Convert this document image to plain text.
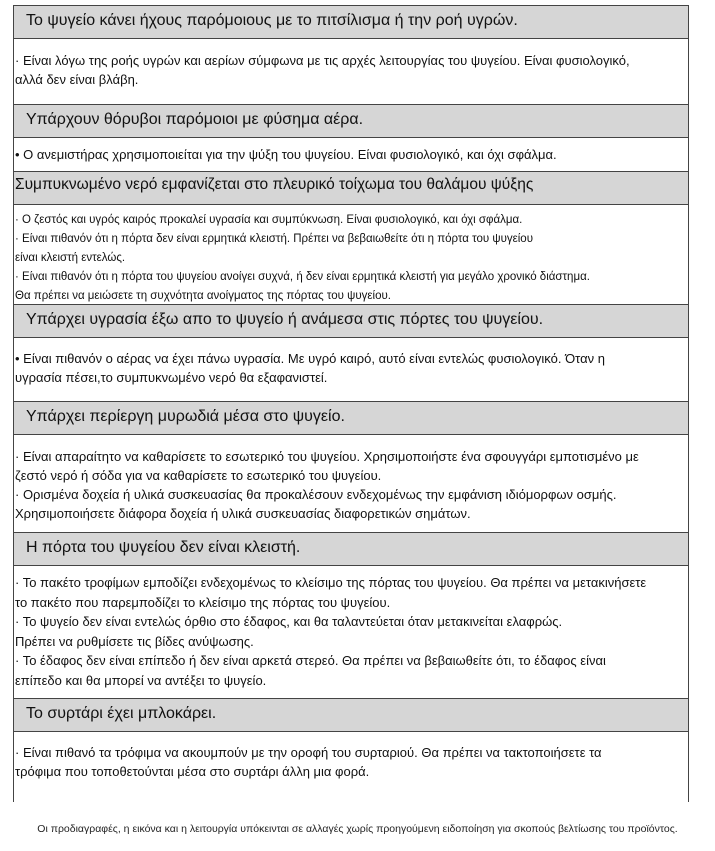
Το ψυγείο κάνει ήχους παρόμοιους με το πιτσίλισμα ή την ροή υγρών.
· Είναι λόγω της ροής υγρών και αερίων σύμφωνα με τις αρχές λειτουργίας του ψυγείου. Είναι φυσιολογικό,
αλλά δεν είναι βλάβη.
Υπάρχουν θόρυβοι παρόμοιοι με φύσημα αέρα.
• Ο ανεμιστήρας χρησιμοποιείται για την ψύξη του ψυγείου. Είναι φυσιολογικό, και όχι σφάλμα.
Συμπυκνωμένο νερό εμφανίζεται στο πλευρικό τοίχωμα του θαλάμου ψύξης
· Ο ζεστός και υγρός καιρός προκαλεί υγρασία και συμπύκνωση. Είναι φυσιολογικό, και όχι σφάλμα.
· Είναι πιθανόν ότι η πόρτα δεν είναι ερμητικά κλειστή. Πρέπει να βεβαιωθείτε ότι η πόρτα του ψυγείου
είναι κλειστή εντελώς.
· Είναι πιθανόν ότι η πόρτα του ψυγείου ανοίγει συχνά, ή δεν είναι ερμητικά κλειστή για μεγάλο χρονικό διάστημα.
Θα πρέπει να μειώσετε τη συχνότητα ανοίγματος της πόρτας του ψυγείου.
Υπάρχει υγρασία έξω απο το ψυγείο ή ανάμεσα στις πόρτες του ψυγείου.
• Είναι πιθανόν ο αέρας να έχει πάνω υγρασία. Με υγρό καιρό, αυτό είναι εντελώς φυσιολογικό. Όταν η
υγρασία πέσει,το συμπυκνωμένο νερό θα εξαφανιστεί.
Υπάρχει περίεργη μυρωδιά μέσα στο ψυγείο.
· Είναι απαραίτητο να καθαρίσετε το εσωτερικό του ψυγείου. Χρησιμοποιήστε ένα σφουγγάρι εμποτισμένο με
ζεστό νερό ή σόδα για να καθαρίσετε το εσωτερικό του ψυγείου.
· Ορισμένα δοχεία ή υλικά συσκευασίας θα προκαλέσουν ενδεχομένως την εμφάνιση ιδιόμορφων οσμής.
Χρησιμοποιήσετε διάφορα δοχεία ή υλικά συσκευασίας διαφορετικών σημάτων.
Η πόρτα του ψυγείου δεν είναι κλειστή.
· Το πακέτο τροφίμων εμποδίζει ενδεχομένως το κλείσιμο της πόρτας του ψυγείου. Θα πρέπει να μετακινήσετε
το πακέτο που παρεμποδίζει το κλείσιμο της πόρτας του ψυγείου.
· Το ψυγείο δεν είναι εντελώς όρθιο στο έδαφος, και θα ταλαντεύεται όταν μετακινείται ελαφρώς.
Πρέπει να ρυθμίσετε τις βίδες ανύψωσης.
· Το έδαφος δεν είναι επίπεδο ή δεν είναι αρκετά στερεό. Θα πρέπει να βεβαιωθείτε ότι, το έδαφος είναι
επίπεδο και θα μπορεί να αντέξει το ψυγείο.
Το συρτάρι έχει μπλοκάρει.
· Είναι πιθανό τα τρόφιμα να ακουμπούν με την οροφή του συρταριού. Θα πρέπει να τακτοποιήσετε τα
τρόφιμα που τοποθετούνται μέσα στο συρτάρι άλλη μια φορά.
Οι προδιαγραφές, η εικόνα και η λειτουργία υπόκεινται σε αλλαγές χωρίς προηγούμενη ειδοποίηση για σκοπούς βελτίωσης του προϊόντος.
